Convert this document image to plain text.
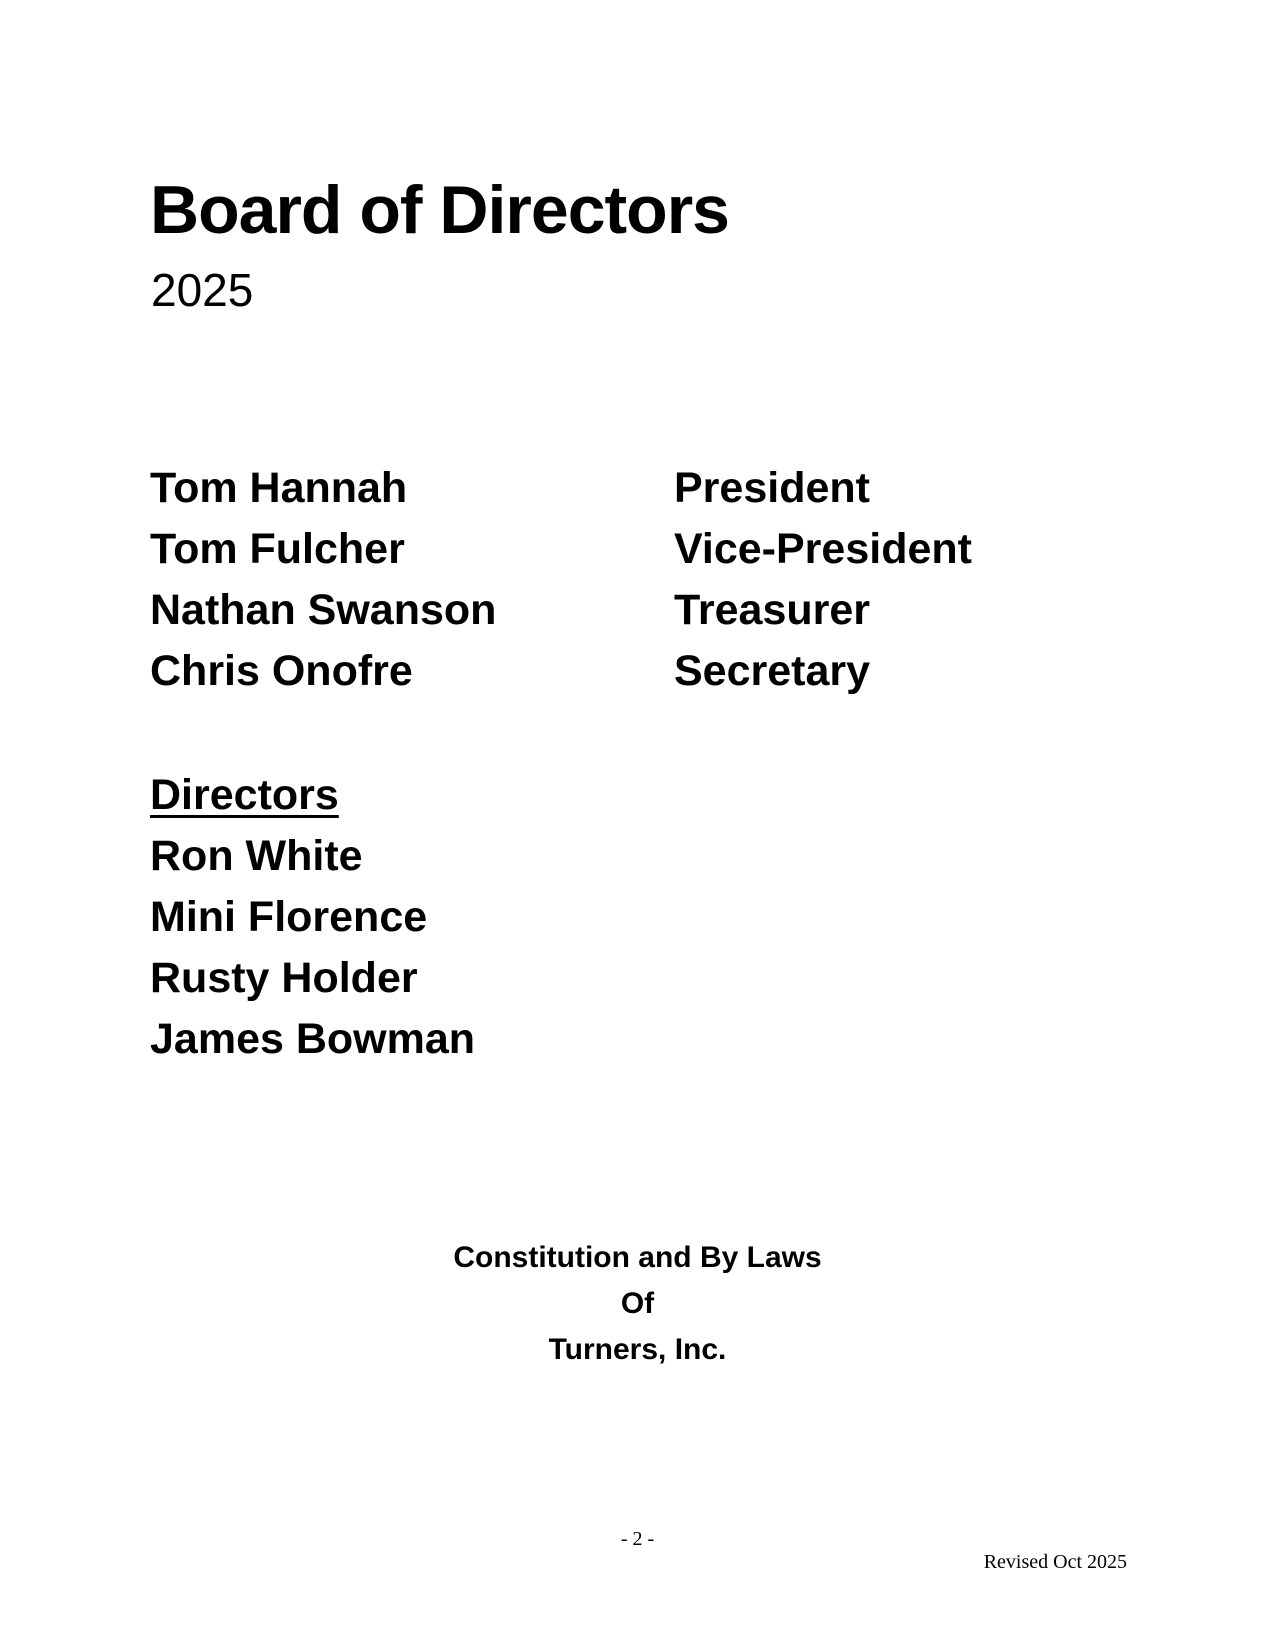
Board of Directors
2025
Tom Hannah	President
Tom Fulcher	Vice-President
Nathan Swanson	Treasurer
Chris Onofre	Secretary
Directors
Ron White
Mini Florence
Rusty Holder
James Bowman
Constitution and By Laws
Of
Turners, Inc.
- 2 -
Revised Oct 2025
